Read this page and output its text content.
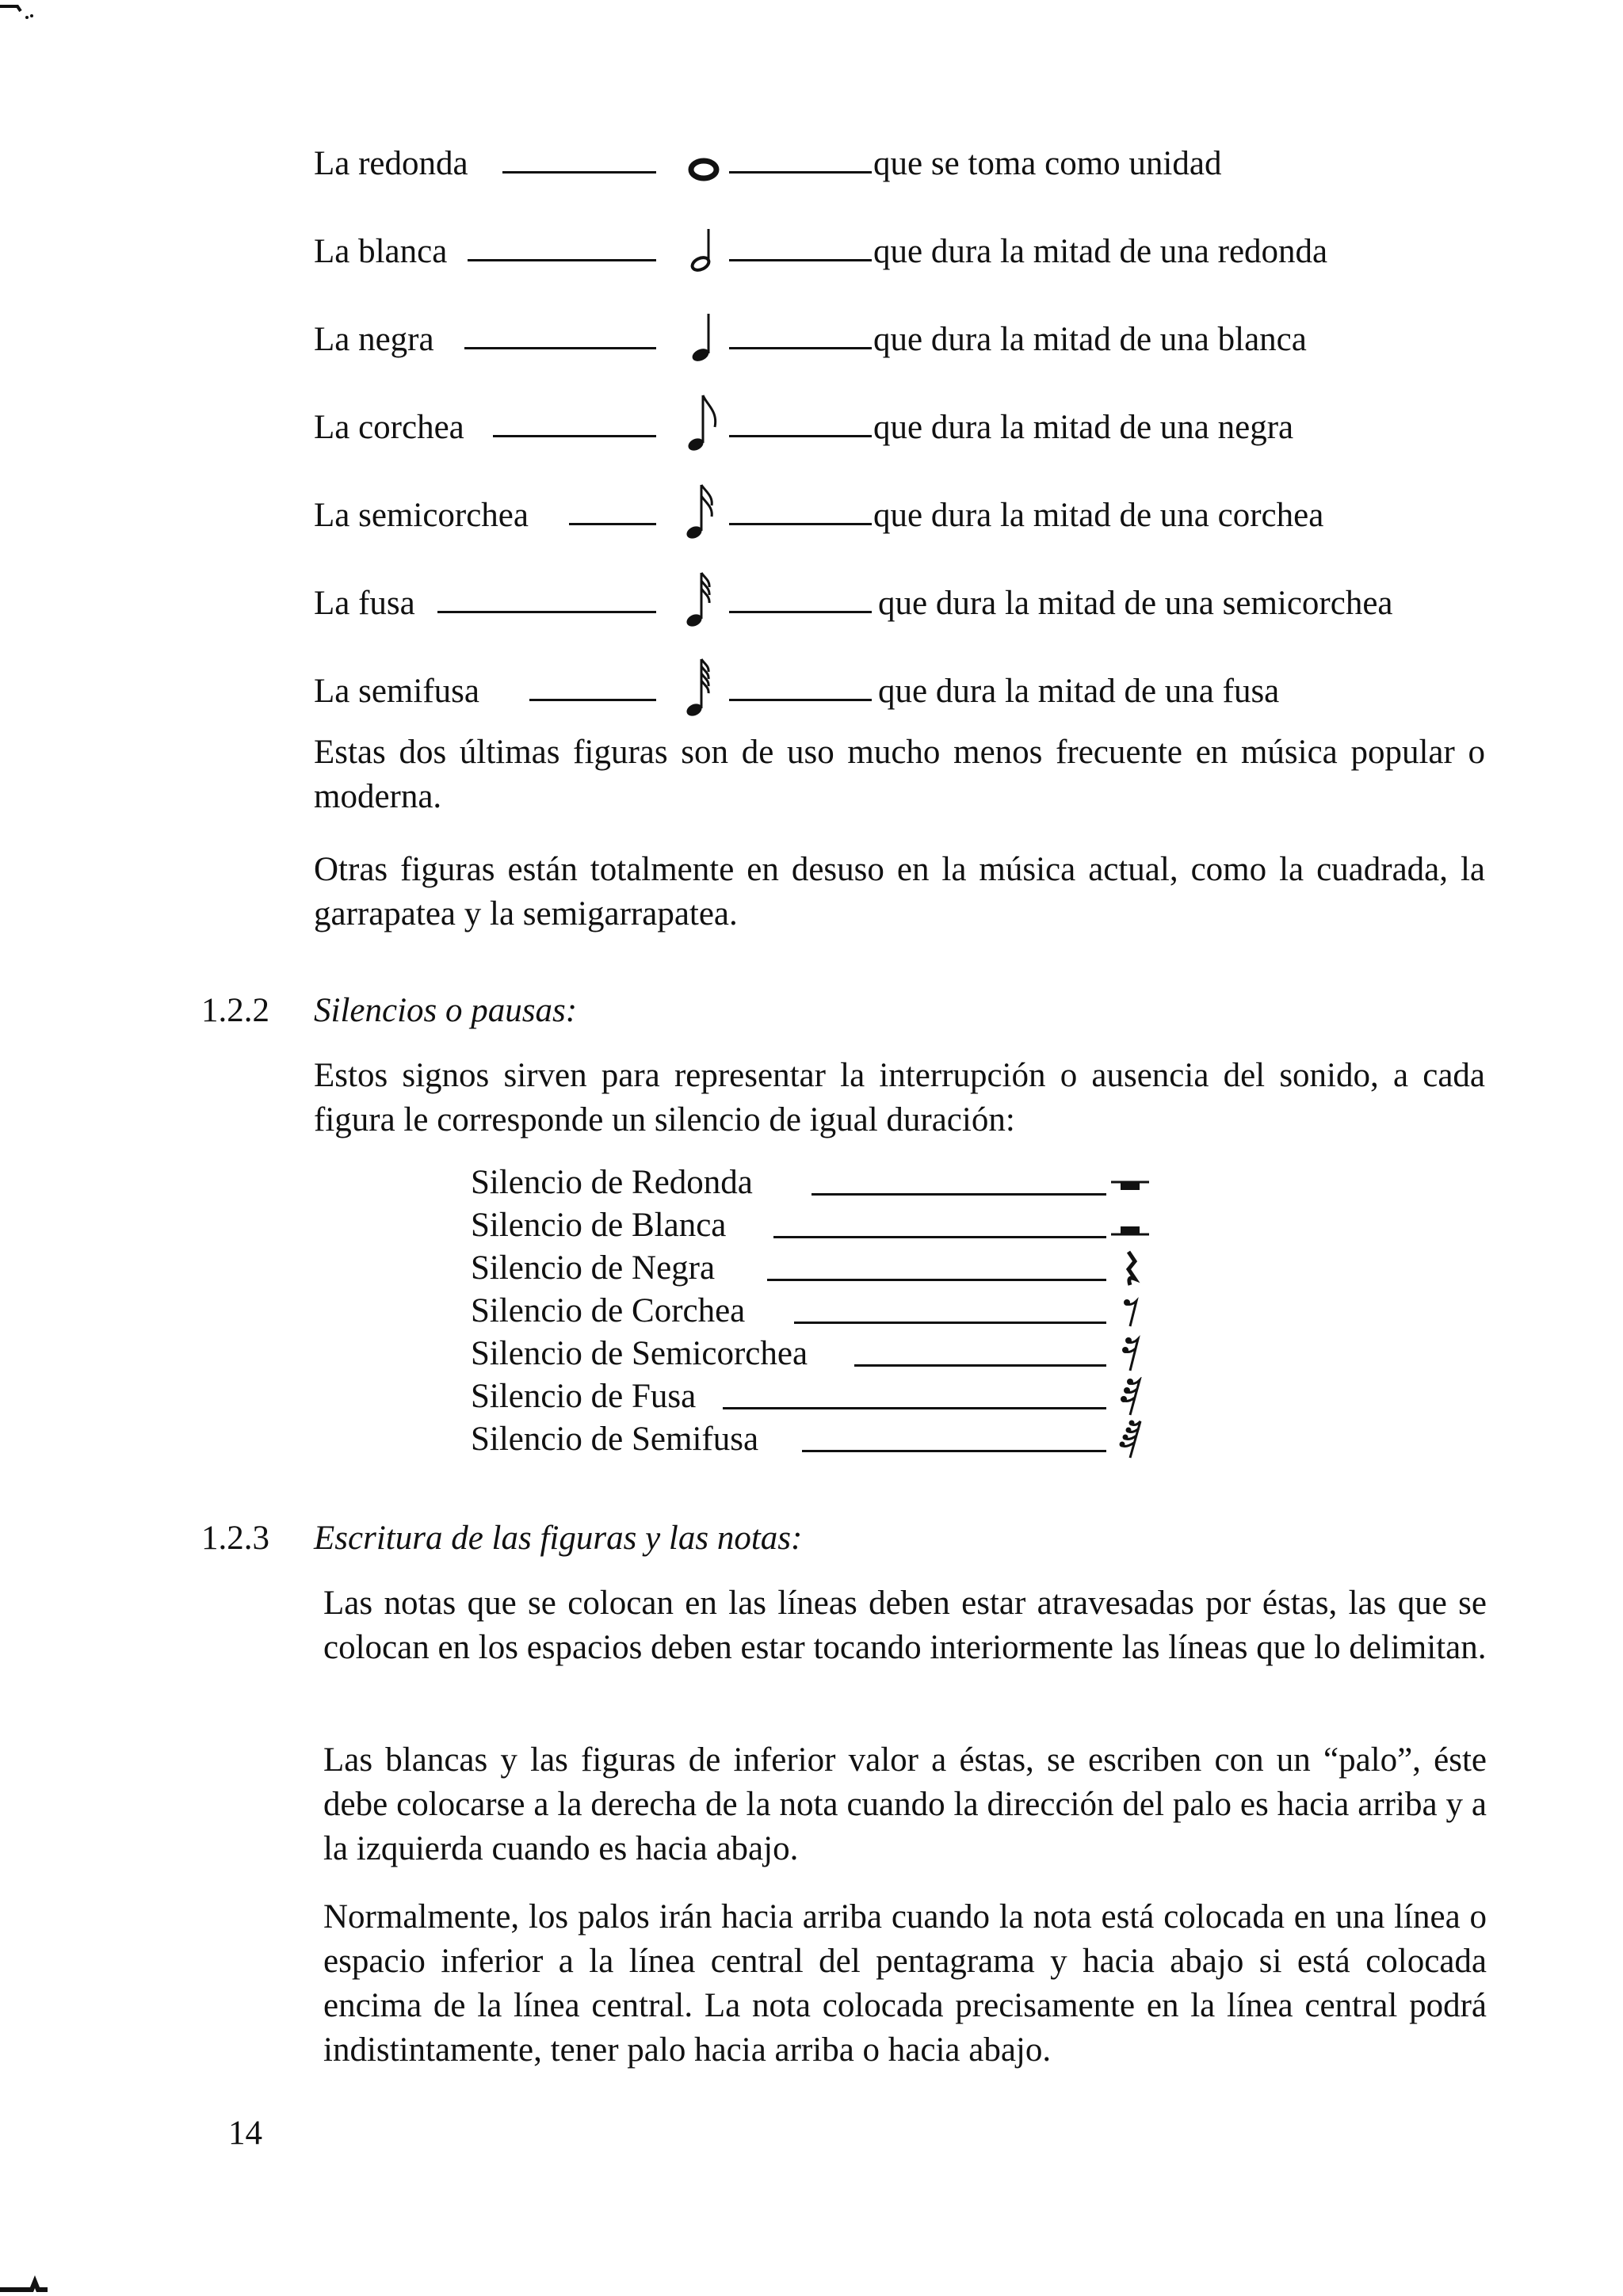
La redonda	que se toma como unidad
La blanca	que dura la mitad de una redonda
La negra	que dura la mitad de una blanca
La corchea	que dura la mitad de una negra
La semicorchea	que dura la mitad de una corchea
La fusa	que dura la mitad de una semicorchea
La semifusa	que dura la mitad de una fusa

Estas dos últimas figuras son de uso mucho menos frecuente en música popular o moderna.

Otras figuras están totalmente en desuso en la música actual, como la cuadrada, la garrapatea y la semigarrapatea.

1.2.2 Silencios o pausas:

Estos signos sirven para representar la interrupción o ausencia del sonido, a cada figura le corresponde un silencio de igual duración:

Silencio de Redonda
Silencio de Blanca
Silencio de Negra
Silencio de Corchea
Silencio de Semicorchea
Silencio de Fusa
Silencio de Semifusa
1.2.3 Escritura de las figuras y las notas:

Las notas que se colocan en las líneas deben estar atravesadas por éstas, las que se colocan en los espacios deben estar tocando interiormente las líneas que lo delimitan.

Las blancas y las figuras de inferior valor a éstas, se escriben con un “palo”, éste debe colocarse a la derecha de la nota cuando la dirección del palo es hacia arriba y a la izquierda cuando es hacia abajo.

Normalmente, los palos irán hacia arriba cuando la nota está colocada en una línea o espacio inferior a la línea central del pentagrama y hacia abajo si está colocada encima de la línea central. La nota colocada precisamente en la línea central podrá indistintamente, tener palo hacia arriba o hacia abajo.

14
